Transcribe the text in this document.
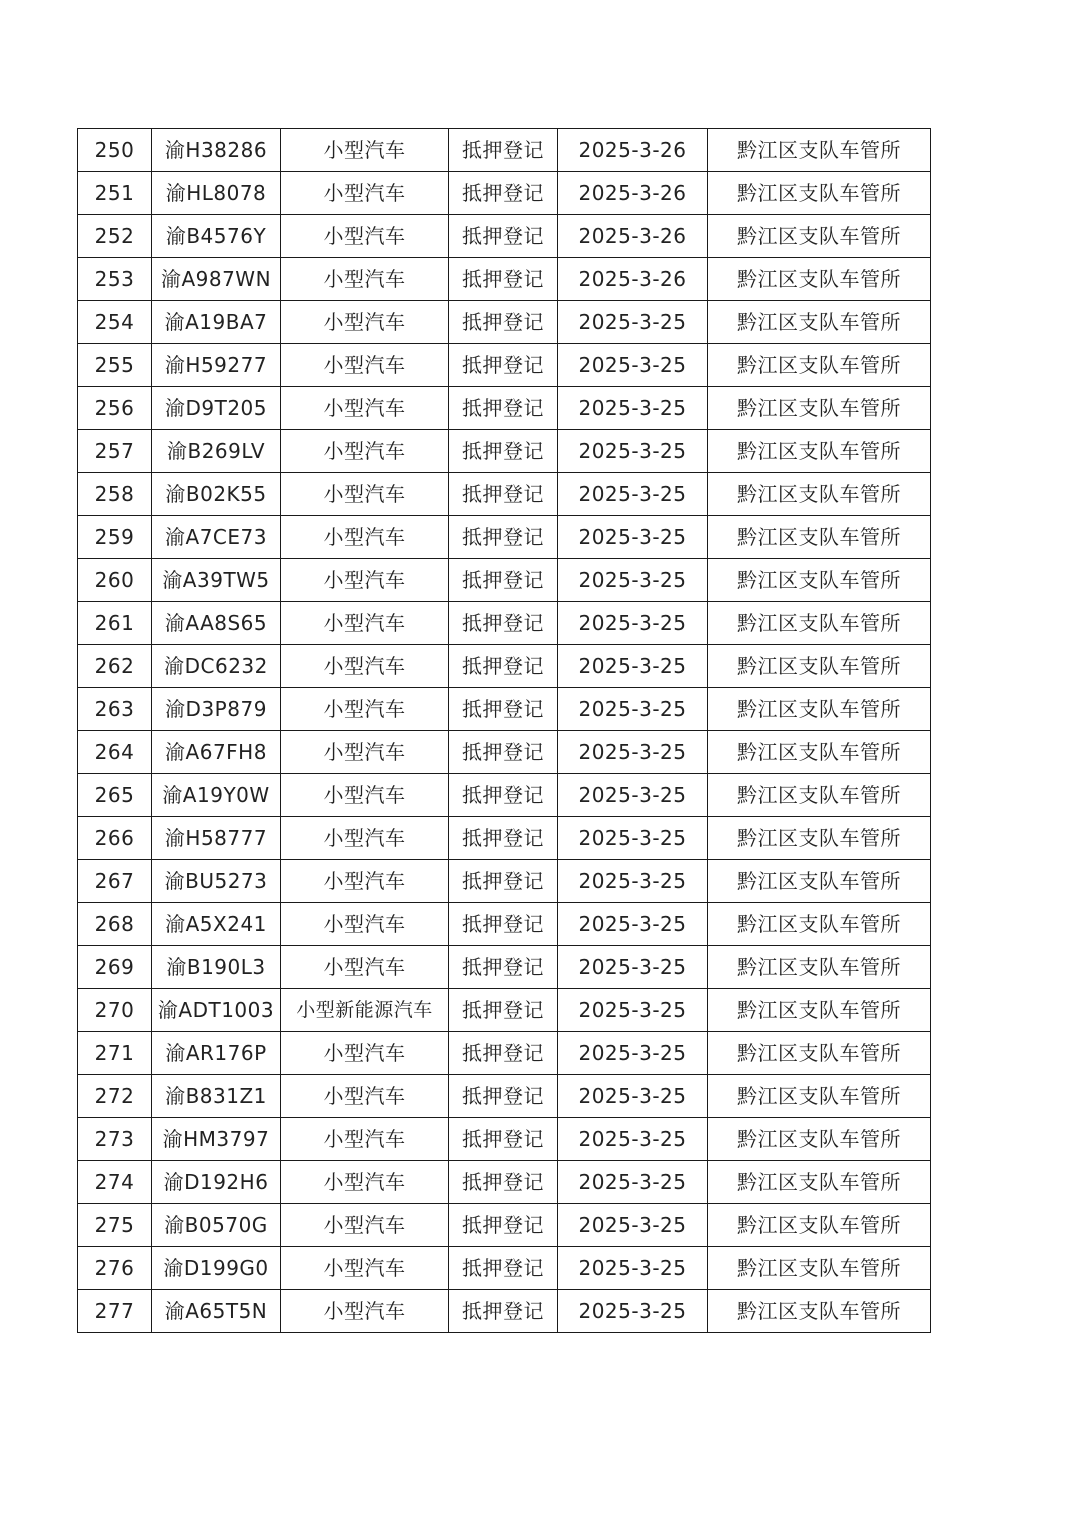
250	渝H38286	小型汽车	抵押登记	2025-3-26	黔江区支队车管所
251	渝HL8078	小型汽车	抵押登记	2025-3-26	黔江区支队车管所
252	渝B4576Y	小型汽车	抵押登记	2025-3-26	黔江区支队车管所
253	渝A987WN	小型汽车	抵押登记	2025-3-26	黔江区支队车管所
254	渝A19BA7	小型汽车	抵押登记	2025-3-25	黔江区支队车管所
255	渝H59277	小型汽车	抵押登记	2025-3-25	黔江区支队车管所
256	渝D9T205	小型汽车	抵押登记	2025-3-25	黔江区支队车管所
257	渝B269LV	小型汽车	抵押登记	2025-3-25	黔江区支队车管所
258	渝B02K55	小型汽车	抵押登记	2025-3-25	黔江区支队车管所
259	渝A7CE73	小型汽车	抵押登记	2025-3-25	黔江区支队车管所
260	渝A39TW5	小型汽车	抵押登记	2025-3-25	黔江区支队车管所
261	渝AA8S65	小型汽车	抵押登记	2025-3-25	黔江区支队车管所
262	渝DC6232	小型汽车	抵押登记	2025-3-25	黔江区支队车管所
263	渝D3P879	小型汽车	抵押登记	2025-3-25	黔江区支队车管所
264	渝A67FH8	小型汽车	抵押登记	2025-3-25	黔江区支队车管所
265	渝A19Y0W	小型汽车	抵押登记	2025-3-25	黔江区支队车管所
266	渝H58777	小型汽车	抵押登记	2025-3-25	黔江区支队车管所
267	渝BU5273	小型汽车	抵押登记	2025-3-25	黔江区支队车管所
268	渝A5X241	小型汽车	抵押登记	2025-3-25	黔江区支队车管所
269	渝B190L3	小型汽车	抵押登记	2025-3-25	黔江区支队车管所
270	渝ADT1003	小型新能源汽车	抵押登记	2025-3-25	黔江区支队车管所
271	渝AR176P	小型汽车	抵押登记	2025-3-25	黔江区支队车管所
272	渝B831Z1	小型汽车	抵押登记	2025-3-25	黔江区支队车管所
273	渝HM3797	小型汽车	抵押登记	2025-3-25	黔江区支队车管所
274	渝D192H6	小型汽车	抵押登记	2025-3-25	黔江区支队车管所
275	渝B0570G	小型汽车	抵押登记	2025-3-25	黔江区支队车管所
276	渝D199G0	小型汽车	抵押登记	2025-3-25	黔江区支队车管所
277	渝A65T5N	小型汽车	抵押登记	2025-3-25	黔江区支队车管所
